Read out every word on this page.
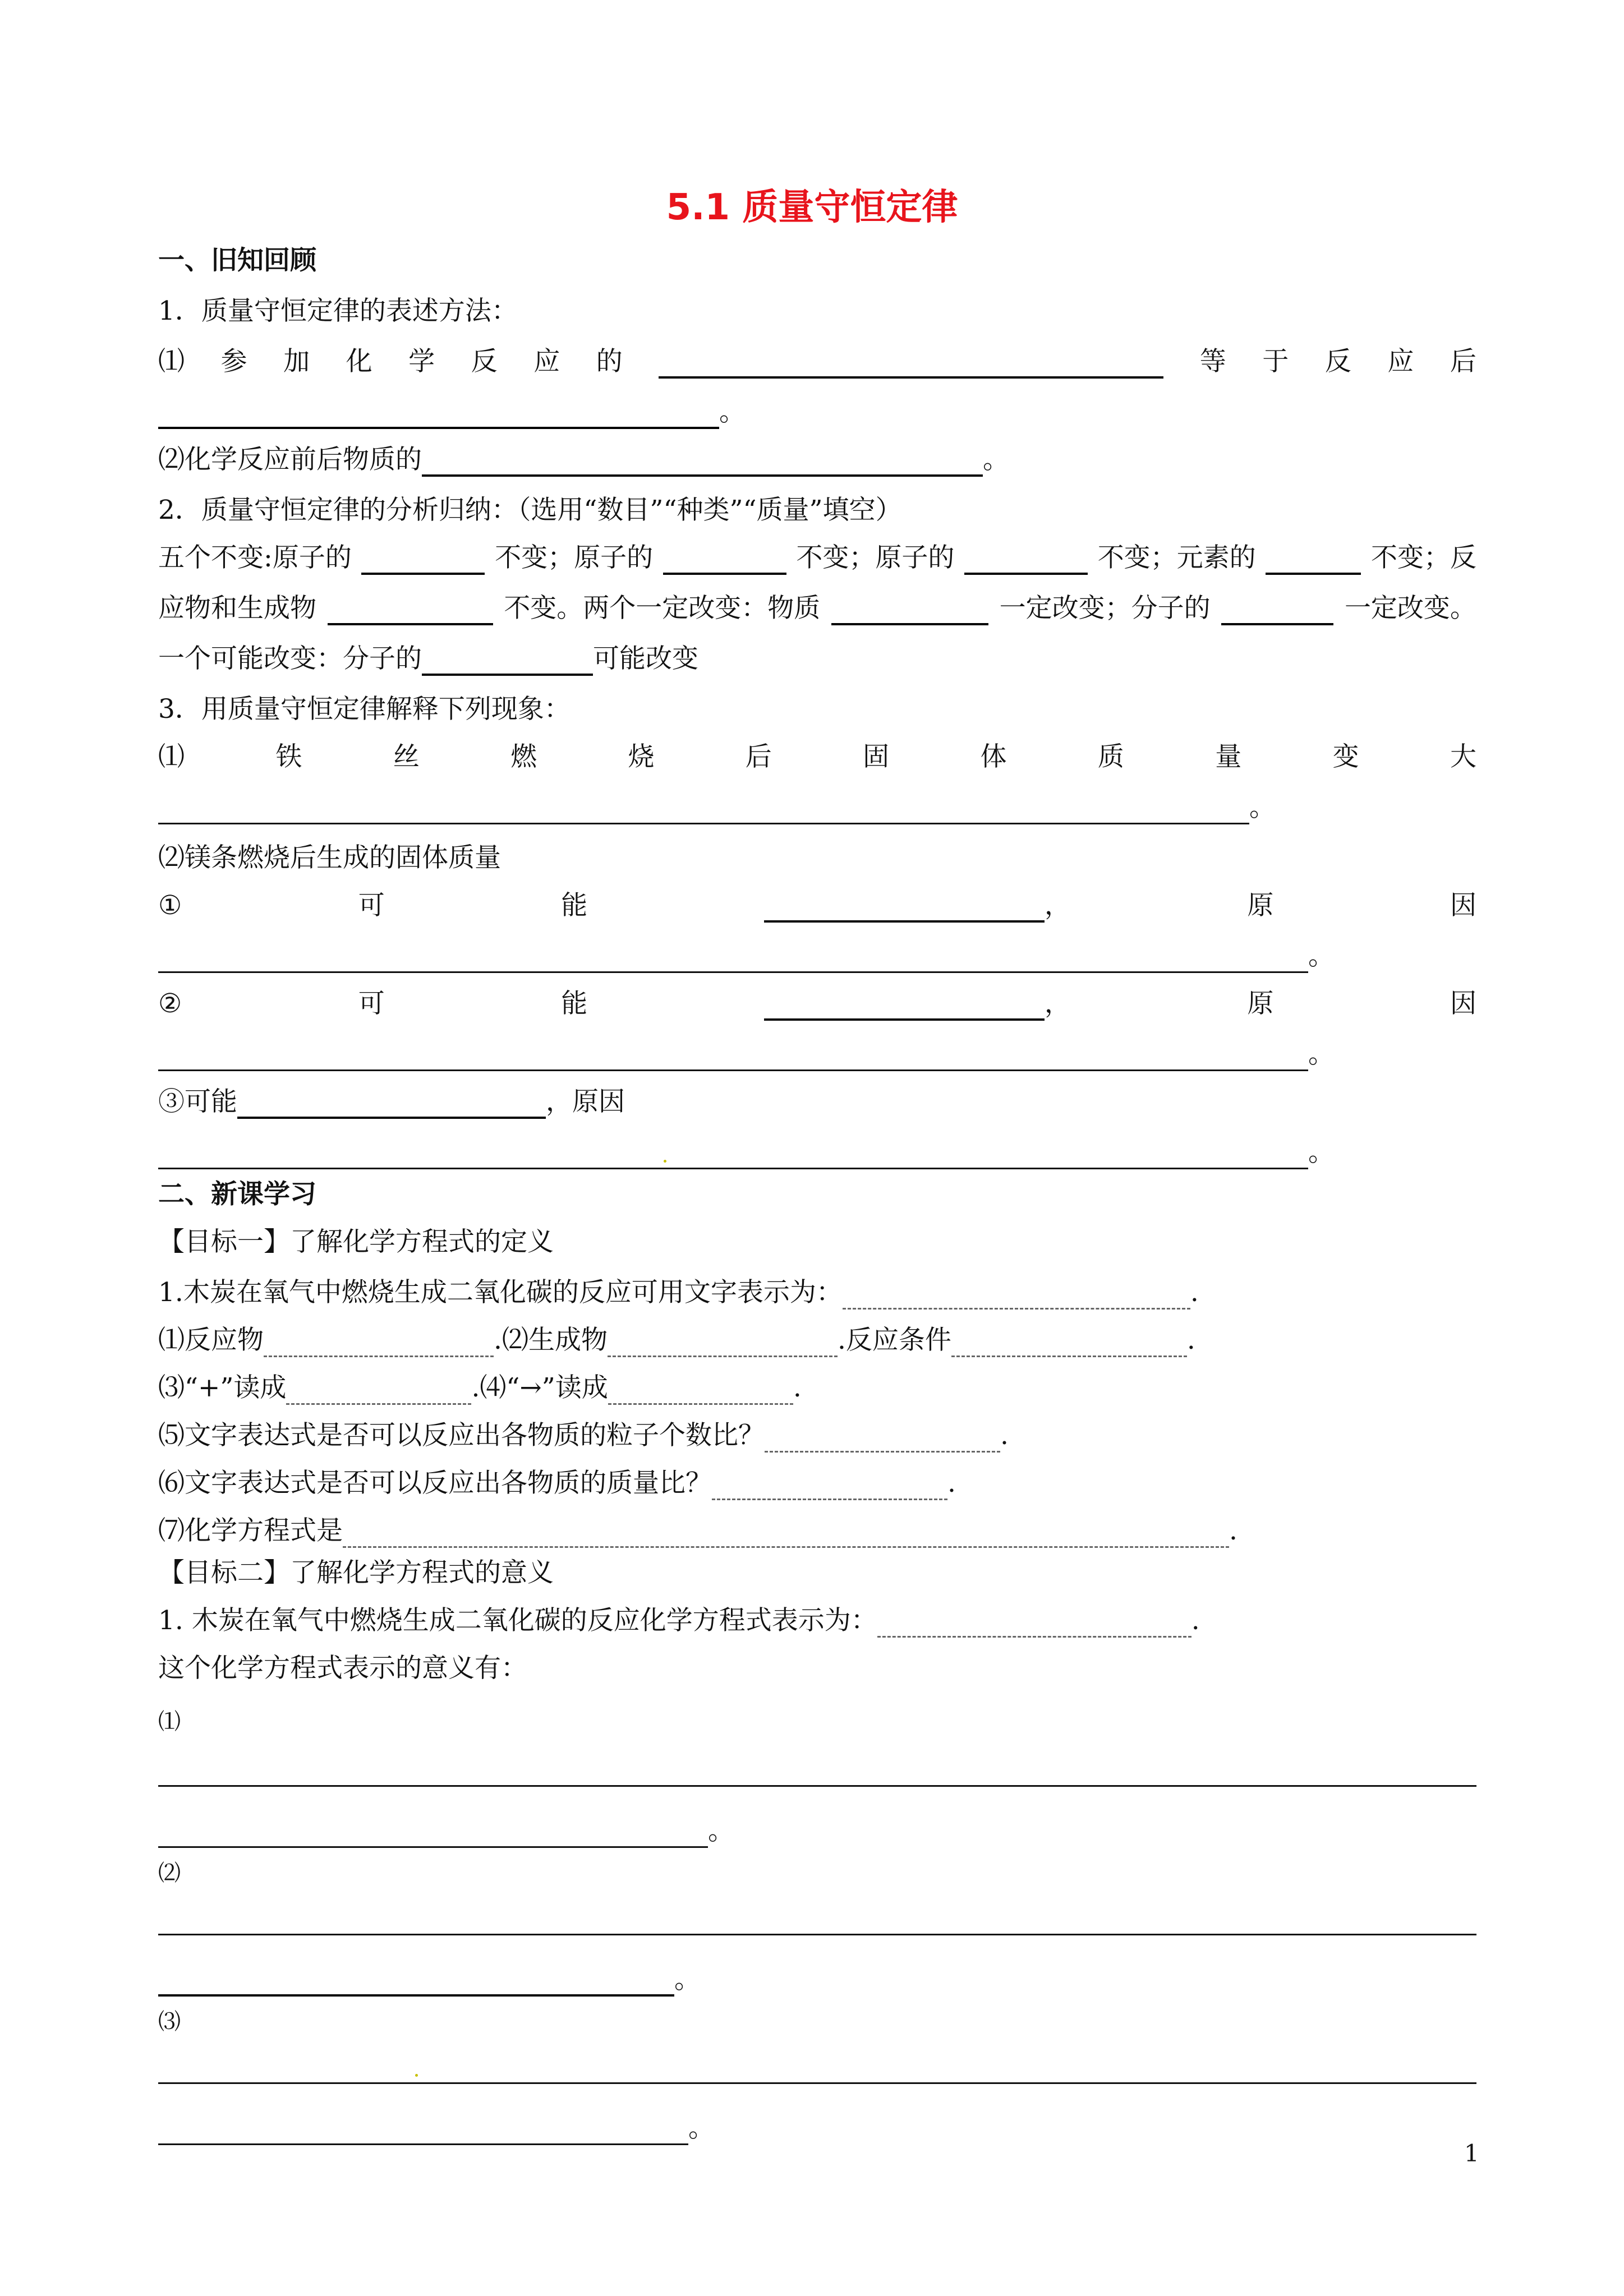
5.1 质量守恒定律
一、旧知回顾
1．质量守恒定律的表述方法：
⑴ 参 加 化 学 反 应 的	等 于 反 应 后
。
⑵化学反应前后物质的	。
2．质量守恒定律的分析归纳：（选用“数目”“种类”“质量”填空）
五个不变:原子的	不变；原子的	不变；原子的	不变；元素的	不变；反
应物和生成物	不变。两个一定改变：物质	一定改变；分子的	一定改变。
一个可能改变：分子的	可能改变
3．用质量守恒定律解释下列现象：
⑴	铁	丝	燃	烧	后	固	体	质	量	变	大
。
⑵镁条燃烧后生成的固体质量
①	可	能	，	原	因
。
②	可	能	，	原	因
。
③可能	，原因
。
二、新课学习
【目标一】了解化学方程式的定义
1.木炭在氧气中燃烧生成二氧化碳的反应可用文字表示为：	.
⑴反应物	.⑵生成物	.反应条件	.
⑶“+”读成	.⑷“→”读成	.
⑸文字表达式是否可以反应出各物质的粒子个数比？	.
⑹文字表达式是否可以反应出各物质的质量比？	.
⑺化学方程式是	.
【目标二】了解化学方程式的意义
1. 木炭在氧气中燃烧生成二氧化碳的反应化学方程式表示为：	.
这个化学方程式表示的意义有：
⑴
。
⑵
。
⑶
。
1
